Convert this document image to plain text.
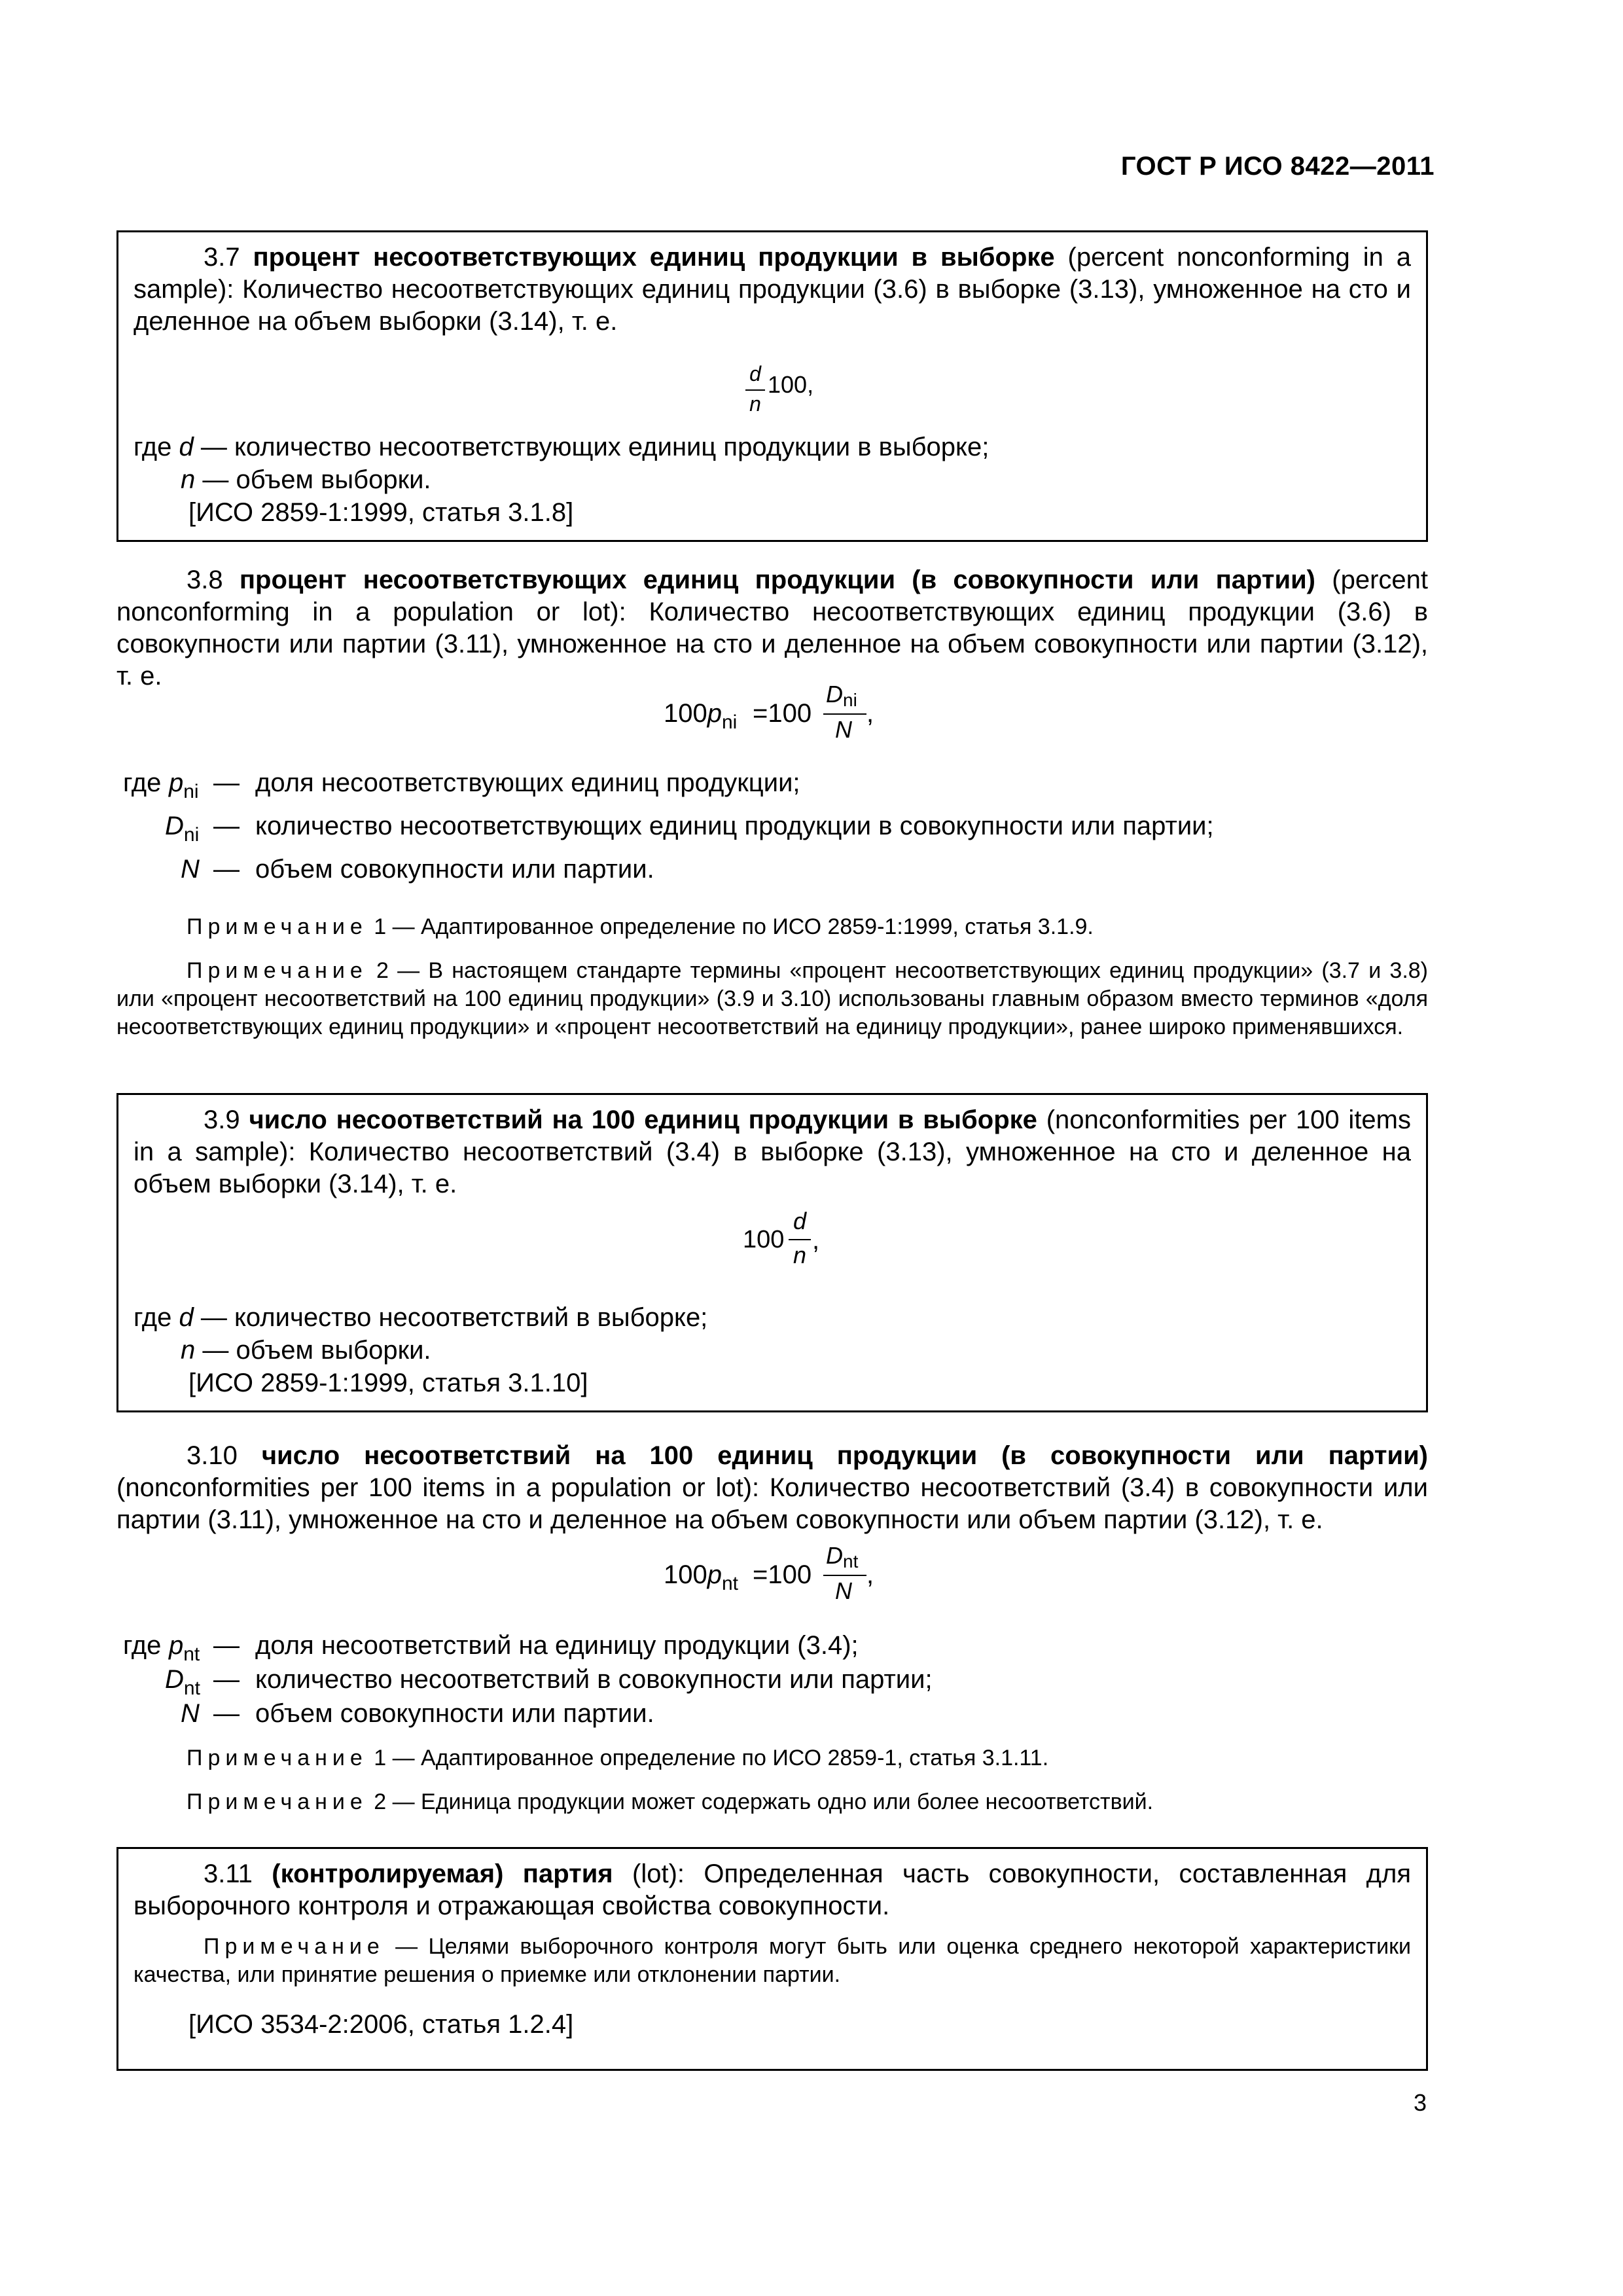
ГОСТ Р ИСО 8422—2011
3.7 процент несоответствующих единиц продукции в выборке (percent nonconforming in a sample): Количество несоответствующих единиц продукции (3.6) в выборке (3.13), умноженное на сто и деленное на объем выборки (3.14), т. е.
d
n
100,
где d — количество несоответствующих единиц продукции в выборке;
n — объем выборки.
[ИСО 2859-1:1999, статья 3.1.8]
3.8 процент несоответствующих единиц продукции (в совокупности или партии) (percent nonconforming in a population or lot): Количество несоответствующих единиц продукции (3.6) в совокупности или партии (3.11), умноженное на сто и деленное на объем совокупности или партии (3.12), т. е.
$100p_{ni} =100$
Dni
N
,
где $p_{ni}$ — доля несоответствующих единиц продукции;
$D_{ni}$ — количество несоответствующих единиц продукции в совокупности или партии;
N — объем совокупности или партии.
Примечание 1 — Адаптированное определение по ИСО 2859-1:1999, статья 3.1.9.
Примечание 2 — В настоящем стандарте термины «процент несоответствующих единиц продукции» (3.7 и 3.8) или «процент несоответствий на 100 единиц продукции» (3.9 и 3.10) использованы главным образом вместо терминов «доля несоответствующих единиц продукции» и «процент несоответствий на единицу продукции», ранее широко применявшихся.
3.9 число несоответствий на 100 единиц продукции в выборке (nonconformities per 100 items in a sample): Количество несоответствий (3.4) в выборке (3.13), умноженное на сто и деленное на объем выборки (3.14), т. е.
100
d
n
,
где d — количество несоответствий в выборке;
n — объем выборки.
[ИСО 2859-1:1999, статья 3.1.10]
3.10 число несоответствий на 100 единиц продукции (в совокупности или партии) (nonconformities per 100 items in a population or lot): Количество несоответствий (3.4) в совокупности или партии (3.11), умноженное на сто и деленное на объем совокупности или объем партии (3.12), т. е.
$100p_{nt} =100$
Dnt
N
,
где $p_{nt}$ — доля несоответствий на единицу продукции (3.4);
$D_{nt}$ — количество несоответствий в совокупности или партии;
N — объем совокупности или партии.
Примечание 1 — Адаптированное определение по ИСО 2859-1, статья 3.1.11.
Примечание 2 — Единица продукции может содержать одно или более несоответствий.
3.11 (контролируемая) партия (lot): Определенная часть совокупности, составленная для выборочного контроля и отражающая свойства совокупности.
Примечание — Целями выборочного контроля могут быть или оценка среднего некоторой характеристики качества, или принятие решения о приемке или отклонении партии.
[ИСО 3534-2:2006, статья 1.2.4]
3
